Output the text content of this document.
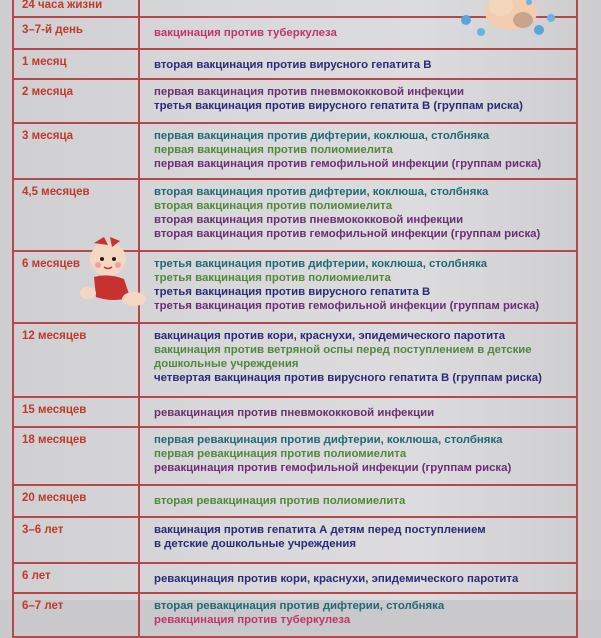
24 часа жизни
3–7-й день	вакцинация против туберкулеза
1 месяц	вторая вакцинация против вирусного гепатита В
2 месяца	первая вакцинация против пневмококковой инфекции
третья вакцинация против вирусного гепатита В (группам риска)
3 месяца	первая вакцинация против дифтерии, коклюша, столбняка
первая вакцинация против полиомиелита
первая вакцинация против гемофильной инфекции (группам риска)
4,5 месяцев	вторая вакцинация против дифтерии, коклюша, столбняка
вторая вакцинация против полиомиелита
вторая вакцинация против пневмококковой инфекции
вторая вакцинация против гемофильной инфекции (группам риска)
6 месяцев	третья вакцинация против дифтерии, коклюша, столбняка
третья вакцинация против полиомиелита
третья вакцинация против вирусного гепатита В
третья вакцинация против гемофильной инфекции (группам риска)
12 месяцев	вакцинация против кори, краснухи, эпидемического паротита
вакцинация против ветряной оспы перед поступлением в детские
дошкольные учреждения
четвертая вакцинация против вирусного гепатита В (группам риска)
15 месяцев	ревакцинация против пневмококковой инфекции
18 месяцев	первая ревакцинация против дифтерии, коклюша, столбняка
первая ревакцинация против полиомиелита
ревакцинация против гемофильной инфекции (группам риска)
20 месяцев	вторая ревакцинация против полиомиелита
3–6 лет	вакцинация против гепатита А детям перед поступлением
в детские дошкольные учреждения
6 лет	ревакцинация против кори, краснухи, эпидемического паротита
6–7 лет	вторая ревакцинация против дифтерии, столбняка
ревакцинация против туберкулеза
